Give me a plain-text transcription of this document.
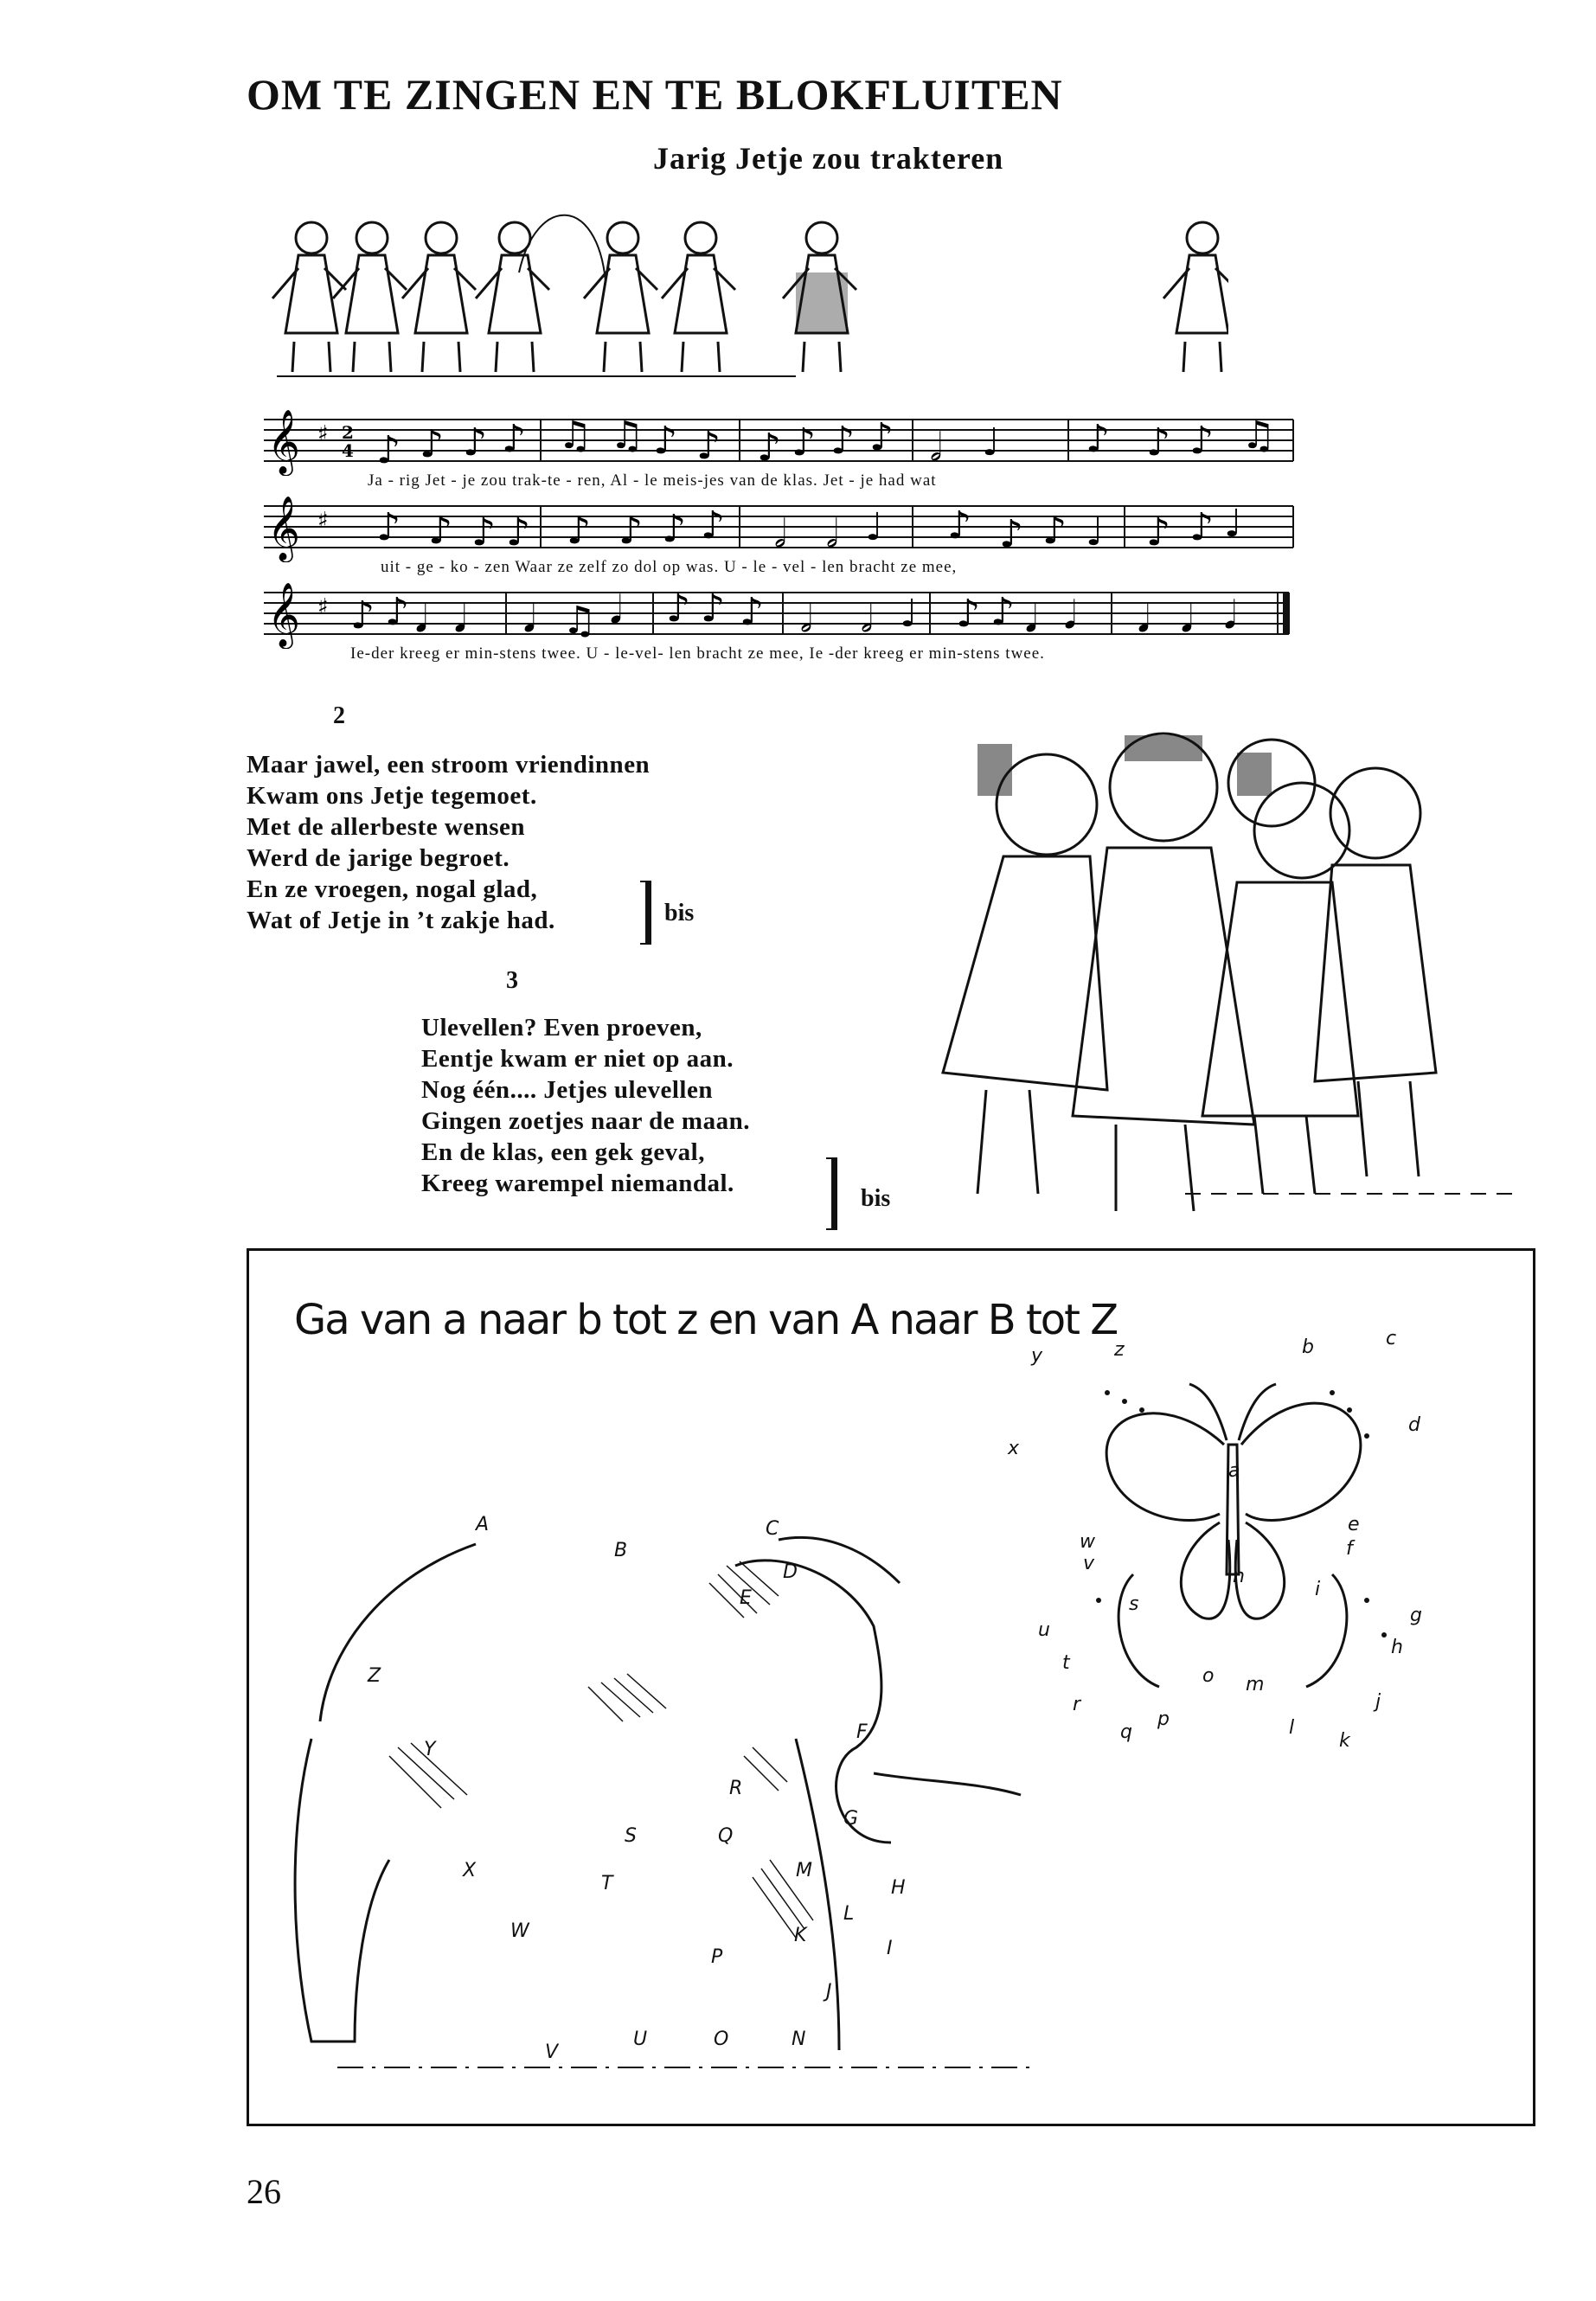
OM TE ZINGEN EN TE BLOKFLUITEN
Jarig Jetje zou trakteren
𝄞 ♯ 2
4 ♪ ♪ ♪ ♪ ♫ ♫ ♪ ♪ ♪ ♪ ♪ ♪ 𝅗𝅥 ♩ ♪ ♪ ♪ ♫
Ja - rig Jet - je zou trak-te - ren, Al - le meis-jes van de klas. Jet - je had wat
𝄞 ♯ ♪ ♪ ♪ ♪ ♪ ♪ ♪ ♪ 𝅗𝅥 𝅗𝅥 ♩ ♪ ♪ ♪ ♩ ♪ ♪ ♩
uit - ge - ko - zen Waar ze zelf zo dol op was. U - le - vel - len bracht ze mee,
𝄞 ♯ ♪ ♪ 𝅘𝅥 𝅘𝅥 𝅘𝅥 ♫ 𝅘𝅥 ♪ ♪ ♪ 𝅗𝅥 𝅗𝅥 ♩ ♪ ♪ 𝅘𝅥 𝅘𝅥 𝅘𝅥 𝅘𝅥 𝅘𝅥
Ie-der kreeg er min-stens twee. U - le-vel- len bracht ze mee, Ie -der kreeg er min-stens twee.
2
Maar jawel, een stroom vriendinnen
Kwam ons Jetje tegemoet.
Met de allerbeste wensen
Werd de jarige begroet.
En ze vroegen, nogal glad,
Wat of Jetje in ’t zakje had.	bis
3
Ulevellen? Even proeven,
Eentje kwam er niet op aan.
Nog één.... Jetjes ulevellen
Gingen zoetjes naar de maan.
En de klas, een gek geval,
Kreeg warempel niemandal.
bis
Ga van a naar b tot z en van A naar B tot Z
A
B
C
D
E
F
G
H
I
J
K
L
M
N
O
P
Q
R
S
T
U
V
W
X
Y
Z
a
b	c
d
e
f
g
h
i
j
k
l
m
n
o
p
q
r
s
t
u
v
w
x
y	z
26
